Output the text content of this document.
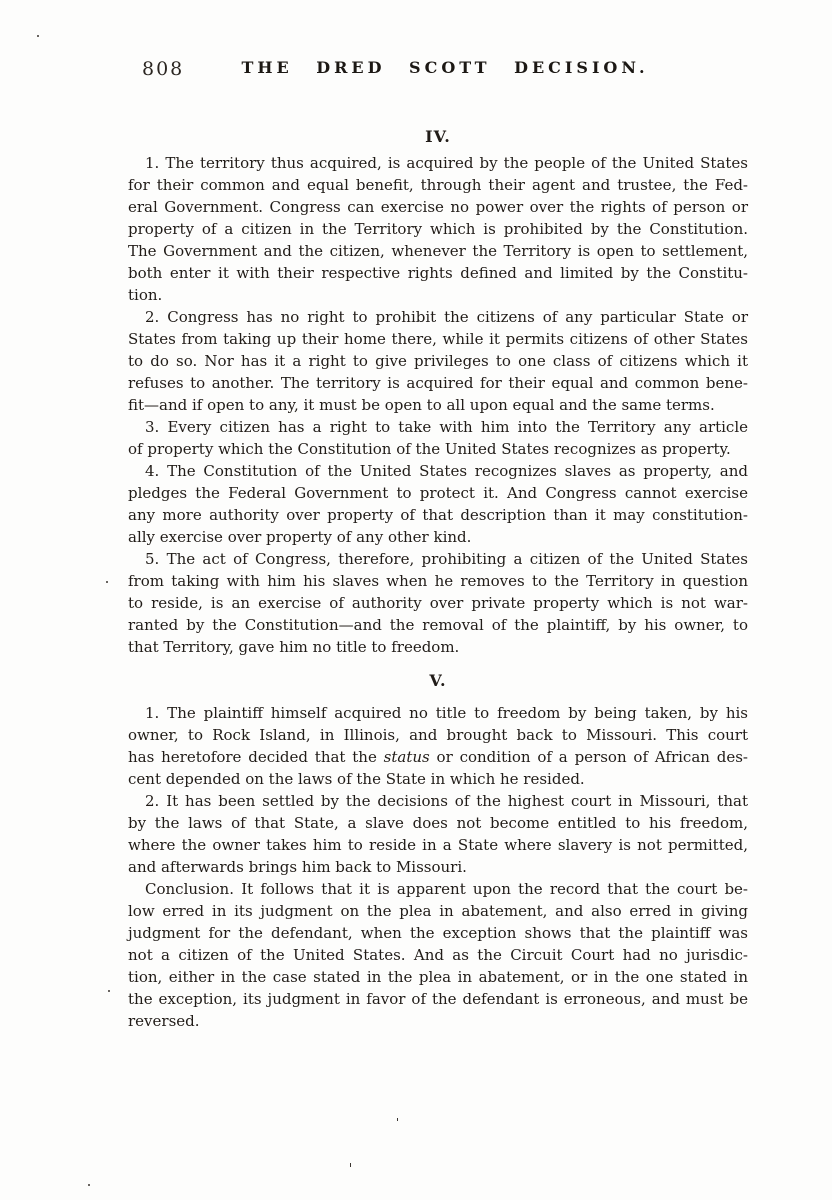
808	THE DRED SCOTT DECISION.
IV.
1. The territory thus acquired, is acquired by the people of the United States
for their common and equal benefit, through their agent and trustee, the Fed-
eral Government. Congress can exercise no power over the rights of person or
property of a citizen in the Territory which is prohibited by the Constitution.
The Government and the citizen, whenever the Territory is open to settlement,
both enter it with their respective rights defined and limited by the Constitu-
tion.
2. Congress has no right to prohibit the citizens of any particular State or
States from taking up their home there, while it permits citizens of other States
to do so. Nor has it a right to give privileges to one class of citizens which it
refuses to another. The territory is acquired for their equal and common bene-
fit—and if open to any, it must be open to all upon equal and the same terms.
3. Every citizen has a right to take with him into the Territory any article
of property which the Constitution of the United States recognizes as property.
4. The Constitution of the United States recognizes slaves as property, and
pledges the Federal Government to protect it. And Congress cannot exercise
any more authority over property of that description than it may constitution-
ally exercise over property of any other kind.
5. The act of Congress, therefore, prohibiting a citizen of the United States
from taking with him his slaves when he removes to the Territory in question
to reside, is an exercise of authority over private property which is not war-
ranted by the Constitution—and the removal of the plaintiff, by his owner, to
that Territory, gave him no title to freedom.
V.
1. The plaintiff himself acquired no title to freedom by being taken, by his
owner, to Rock Island, in Illinois, and brought back to Missouri. This court
has heretofore decided that the status or condition of a person of African des-
cent depended on the laws of the State in which he resided.
2. It has been settled by the decisions of the highest court in Missouri, that
by the laws of that State, a slave does not become entitled to his freedom,
where the owner takes him to reside in a State where slavery is not permitted,
and afterwards brings him back to Missouri.
Conclusion. It follows that it is apparent upon the record that the court be-
low erred in its judgment on the plea in abatement, and also erred in giving
judgment for the defendant, when the exception shows that the plaintiff was
not a citizen of the United States. And as the Circuit Court had no jurisdic-
tion, either in the case stated in the plea in abatement, or in the one stated in
the exception, its judgment in favor of the defendant is erroneous, and must be
reversed.
